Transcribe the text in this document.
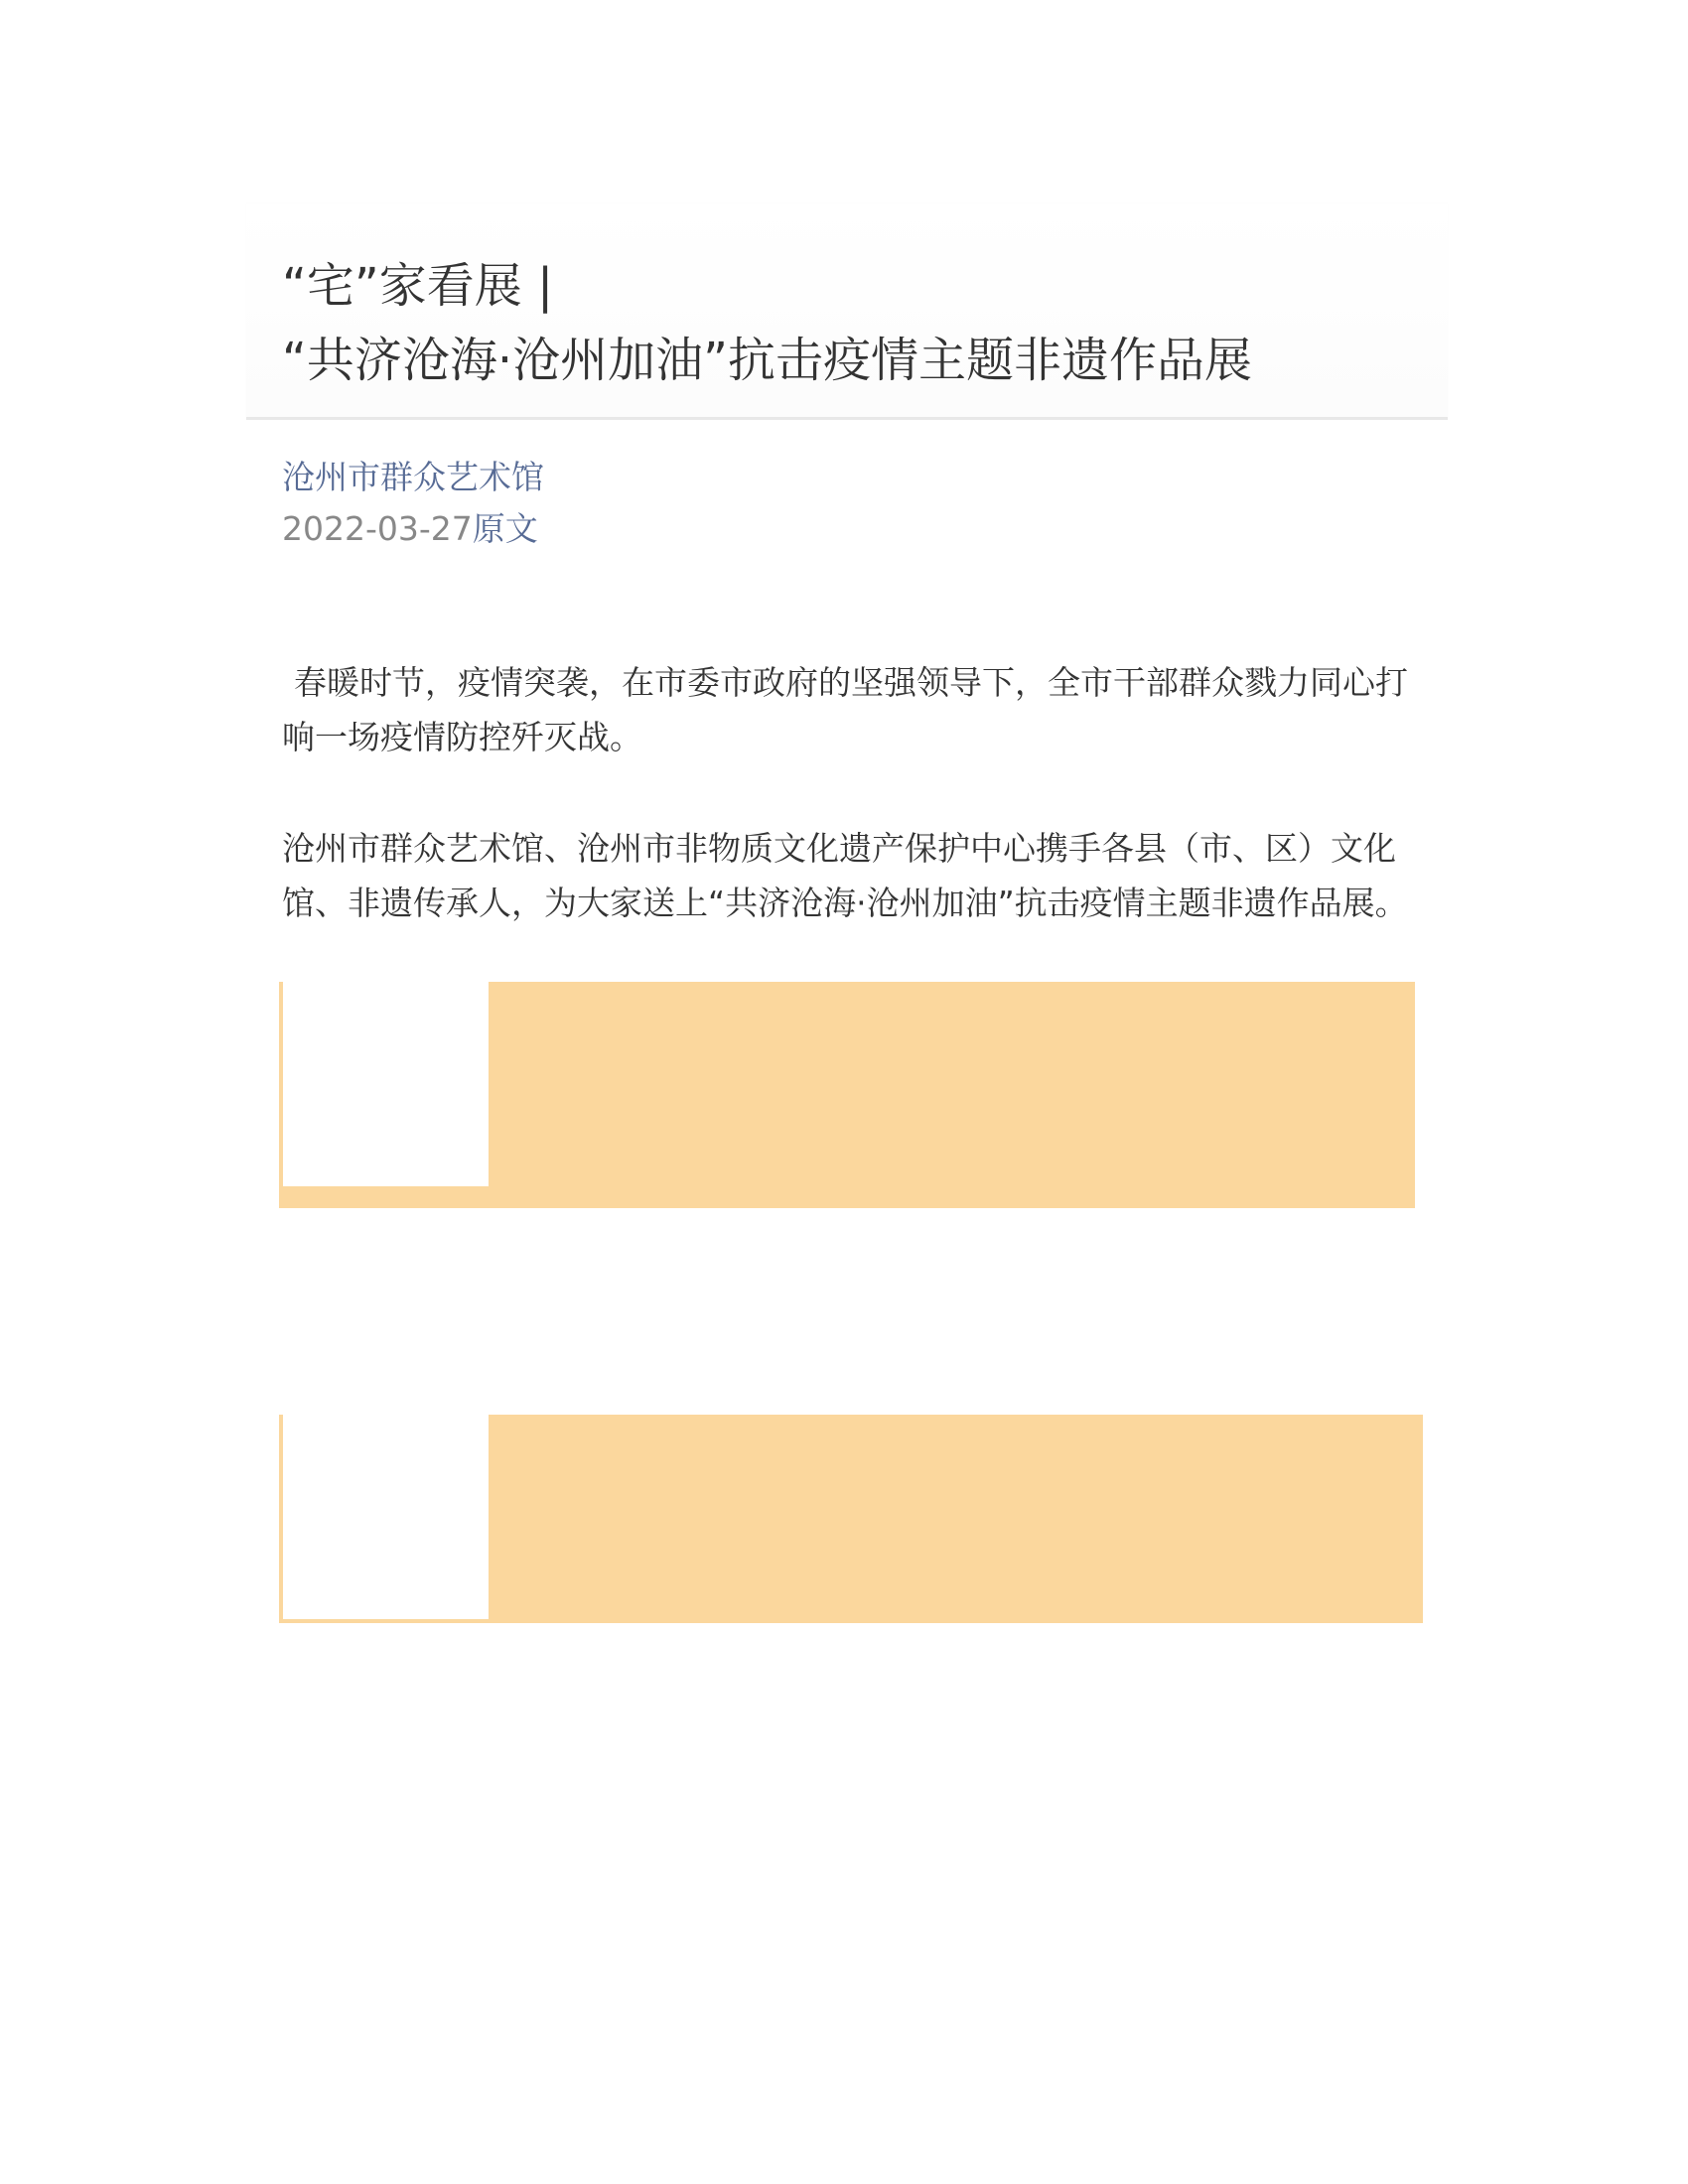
“宅”家看展 |
“共济沧海·沧州加油”抗击疫情主题非遗作品展
沧州市群众艺术馆
2022-03-27原文
春暖时节，疫情突袭，在市委市政府的坚强领导下，全市干部群众戮力同心打响一场疫情防控歼灭战。
沧州市群众艺术馆、沧州市非物质文化遗产保护中心携手各县（市、区）文化馆、非遗传承人，为大家送上“共济沧海·沧州加油”抗击疫情主题非遗作品展。
